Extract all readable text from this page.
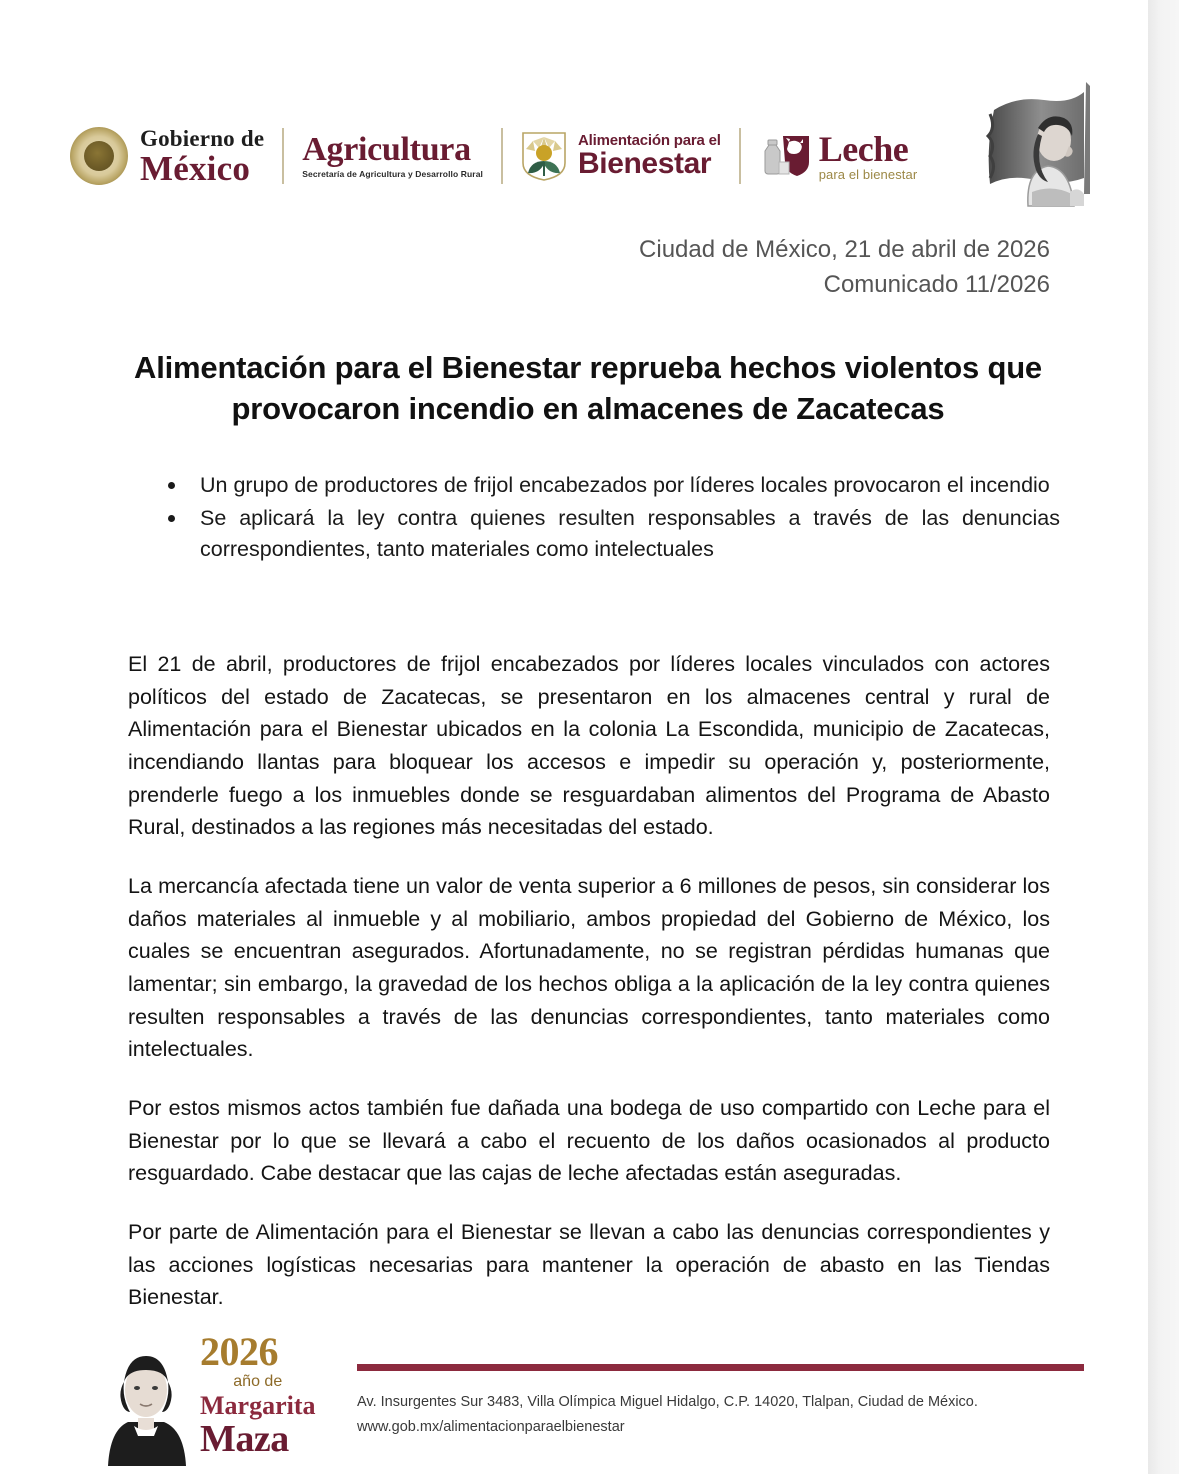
Gobierno de
México	Agricultura
Secretaría de Agricultura y Desarrollo Rural
Alimentación para el
Bienestar	Leche
para el bienestar
Ciudad de México, 21 de abril de 2026
Comunicado 11/2026
Alimentación para el Bienestar reprueba hechos violentos que provocaron incendio en almacenes de Zacatecas
Un grupo de productores de frijol encabezados por líderes locales provocaron el incendio
Se aplicará la ley contra quienes resulten responsables a través de las denuncias correspondientes, tanto materiales como intelectuales

El 21 de abril, productores de frijol encabezados por líderes locales vinculados con actores políticos del estado de Zacatecas, se presentaron en los almacenes central y rural de Alimentación para el Bienestar ubicados en la colonia La Escondida, municipio de Zacatecas, incendiando llantas para bloquear los accesos e impedir su operación y, posteriormente, prenderle fuego a los inmuebles donde se resguardaban alimentos del Programa de Abasto Rural, destinados a las regiones más necesitadas del estado.

La mercancía afectada tiene un valor de venta superior a 6 millones de pesos, sin considerar los daños materiales al inmueble y al mobiliario, ambos propiedad del Gobierno de México, los cuales se encuentran asegurados. Afortunadamente, no se registran pérdidas humanas que lamentar; sin embargo, la gravedad de los hechos obliga a la aplicación de la ley contra quienes resulten responsables a través de las denuncias correspondientes, tanto materiales como intelectuales.

Por estos mismos actos también fue dañada una bodega de uso compartido con Leche para el Bienestar por lo que se llevará a cabo el recuento de los daños ocasionados al producto resguardado. Cabe destacar que las cajas de leche afectadas están aseguradas.

Por parte de Alimentación para el Bienestar se llevan a cabo las denuncias correspondientes y las acciones logísticas necesarias para mantener la operación de abasto en las Tiendas Bienestar.

2026
año de
Margarita
Maza
Av. Insurgentes Sur 3483, Villa Olímpica Miguel Hidalgo, C.P. 14020, Tlalpan, Ciudad de México.
www.gob.mx/alimentacionparaelbienestar
